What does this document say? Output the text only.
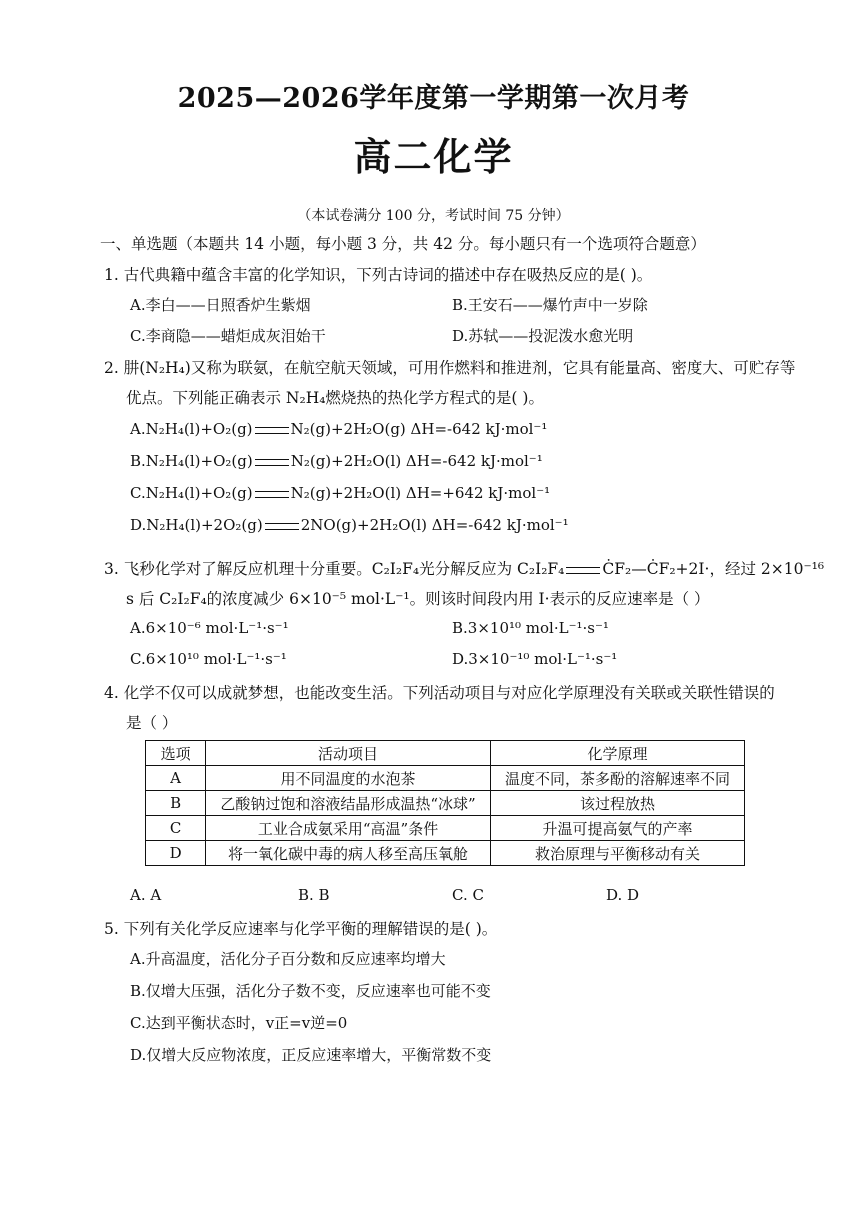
2025—2026学年度第一学期第一次月考
高二化学
（本试卷满分 100 分，考试时间 75 分钟）
一、单选题（本题共 14 小题，每小题 3 分，共 42 分。每小题只有一个选项符合题意）
1. 古代典籍中蕴含丰富的化学知识，下列古诗词的描述中存在吸热反应的是( )。
A.李白——日照香炉生紫烟	B.王安石——爆竹声中一岁除
C.李商隐——蜡炬成灰泪始干	D.苏轼——投泥泼水愈光明
2. 肼(N₂H₄)又称为联氨，在航空航天领域，可用作燃料和推进剂，它具有能量高、密度大、可贮存等
优点。下列能正确表示 N₂H₄燃烧热的热化学方程式的是( )。
A.N₂H₄(l)+O₂(g)	N₂(g)+2H₂O(g) ΔH=-642 kJ·mol⁻¹
B.N₂H₄(l)+O₂(g)	N₂(g)+2H₂O(l) ΔH=-642 kJ·mol⁻¹
C.N₂H₄(l)+O₂(g)	N₂(g)+2H₂O(l) ΔH=+642 kJ·mol⁻¹
D.N₂H₄(l)+2O₂(g)	2NO(g)+2H₂O(l) ΔH=-642 kJ·mol⁻¹
3. 飞秒化学对了解反应机理十分重要。C₂I₂F₄光分解反应为 C₂I₂F₄ ĊF₂—ĊF₂+2I·，经过 2×10⁻¹⁶
s 后 C₂I₂F₄的浓度减少 6×10⁻⁵ mol·L⁻¹。则该时间段内用 I·表示的反应速率是（ ）
A.6×10⁻⁶ mol·L⁻¹·s⁻¹	B.3×10¹⁰ mol·L⁻¹·s⁻¹
C.6×10¹⁰ mol·L⁻¹·s⁻¹	D.3×10⁻¹⁰ mol·L⁻¹·s⁻¹
4. 化学不仅可以成就梦想，也能改变生活。下列活动项目与对应化学原理没有关联或关联性错误的
是（ ）
选项	活动项目	化学原理
A	用不同温度的水泡茶	温度不同，茶多酚的溶解速率不同
B	乙酸钠过饱和溶液结晶形成温热“冰球”	该过程放热
C	工业合成氨采用“高温”条件	升温可提高氨气的产率
D	将一氧化碳中毒的病人移至高压氧舱	救治原理与平衡移动有关
A. A	B. B	C. C	D. D
5. 下列有关化学反应速率与化学平衡的理解错误的是( )。
A.升高温度，活化分子百分数和反应速率均增大
B.仅增大压强，活化分子数不变，反应速率也可能不变
C.达到平衡状态时，v正=v逆=0
D.仅增大反应物浓度，正反应速率增大，平衡常数不变
